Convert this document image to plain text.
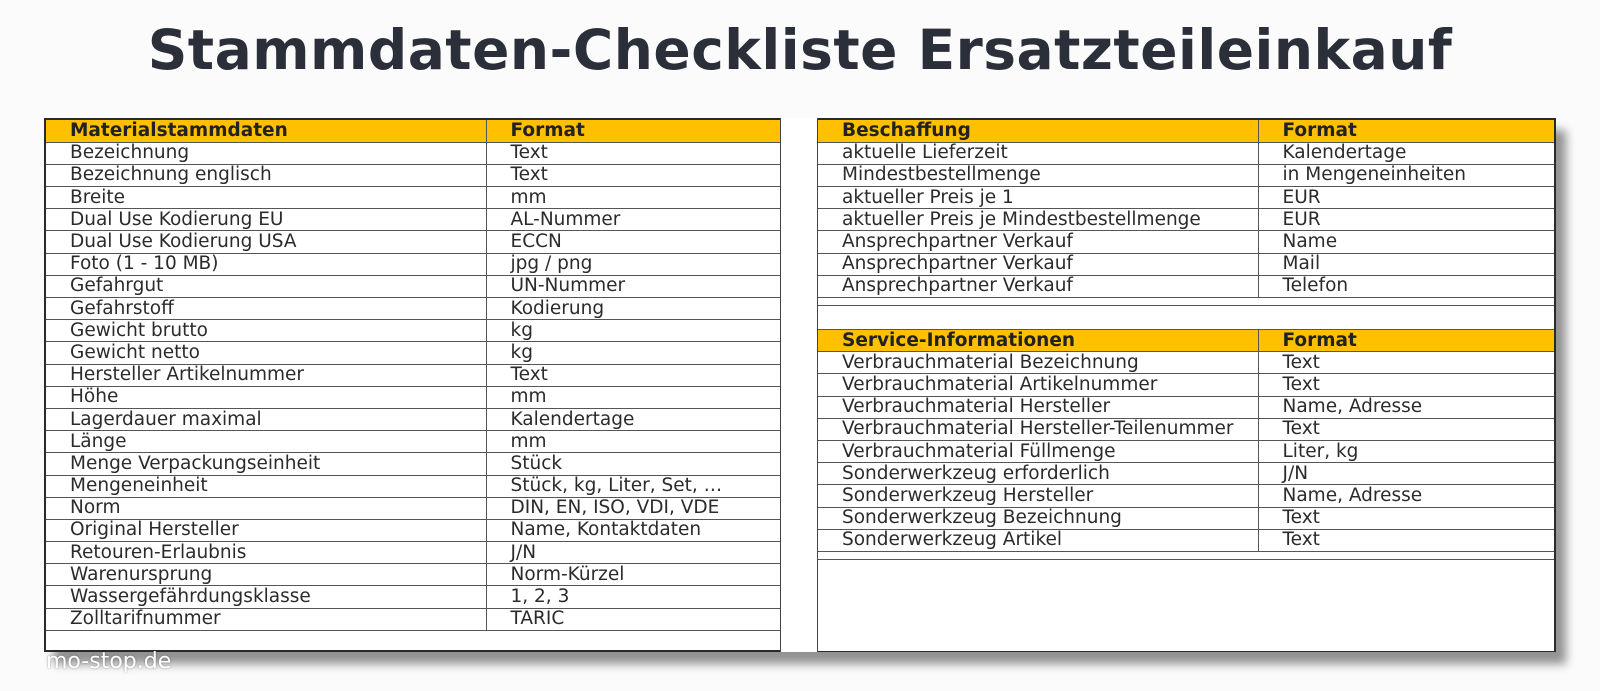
Stammdaten-Checkliste Ersatzteileinkauf
Materialstammdaten	Format
Bezeichnung	Text
Bezeichnung englisch	Text
Breite	mm
Dual Use Kodierung EU	AL-Nummer
Dual Use Kodierung USA	ECCN
Foto (1 - 10 MB)	jpg / png
Gefahrgut	UN-Nummer
Gefahrstoff	Kodierung
Gewicht brutto	kg
Gewicht netto	kg
Hersteller Artikelnummer	Text
Höhe	mm
Lagerdauer maximal	Kalendertage
Länge	mm
Menge Verpackungseinheit	Stück
Mengeneinheit	Stück, kg, Liter, Set, …
Norm	DIN, EN, ISO, VDI, VDE
Original Hersteller	Name, Kontaktdaten
Retouren-Erlaubnis	J/N
Warenursprung	Norm-Kürzel
Wassergefährdungsklasse	1, 2, 3
Zolltarifnummer	TARIC
Beschaffung	Format
aktuelle Lieferzeit	Kalendertage
Mindestbestellmenge	in Mengeneinheiten
aktueller Preis je 1	EUR
aktueller Preis je Mindestbestellmenge	EUR
Ansprechpartner Verkauf	Name
Ansprechpartner Verkauf	Mail
Ansprechpartner Verkauf	Telefon
Service-Informationen	Format
Verbrauchmaterial Bezeichnung	Text
Verbrauchmaterial Artikelnummer	Text
Verbrauchmaterial Hersteller	Name, Adresse
Verbrauchmaterial Hersteller-Teilenummer	Text
Verbrauchmaterial Füllmenge	Liter, kg
Sonderwerkzeug erforderlich	J/N
Sonderwerkzeug Hersteller	Name, Adresse
Sonderwerkzeug Bezeichnung	Text
Sonderwerkzeug Artikel	Text
mo-stop.de
